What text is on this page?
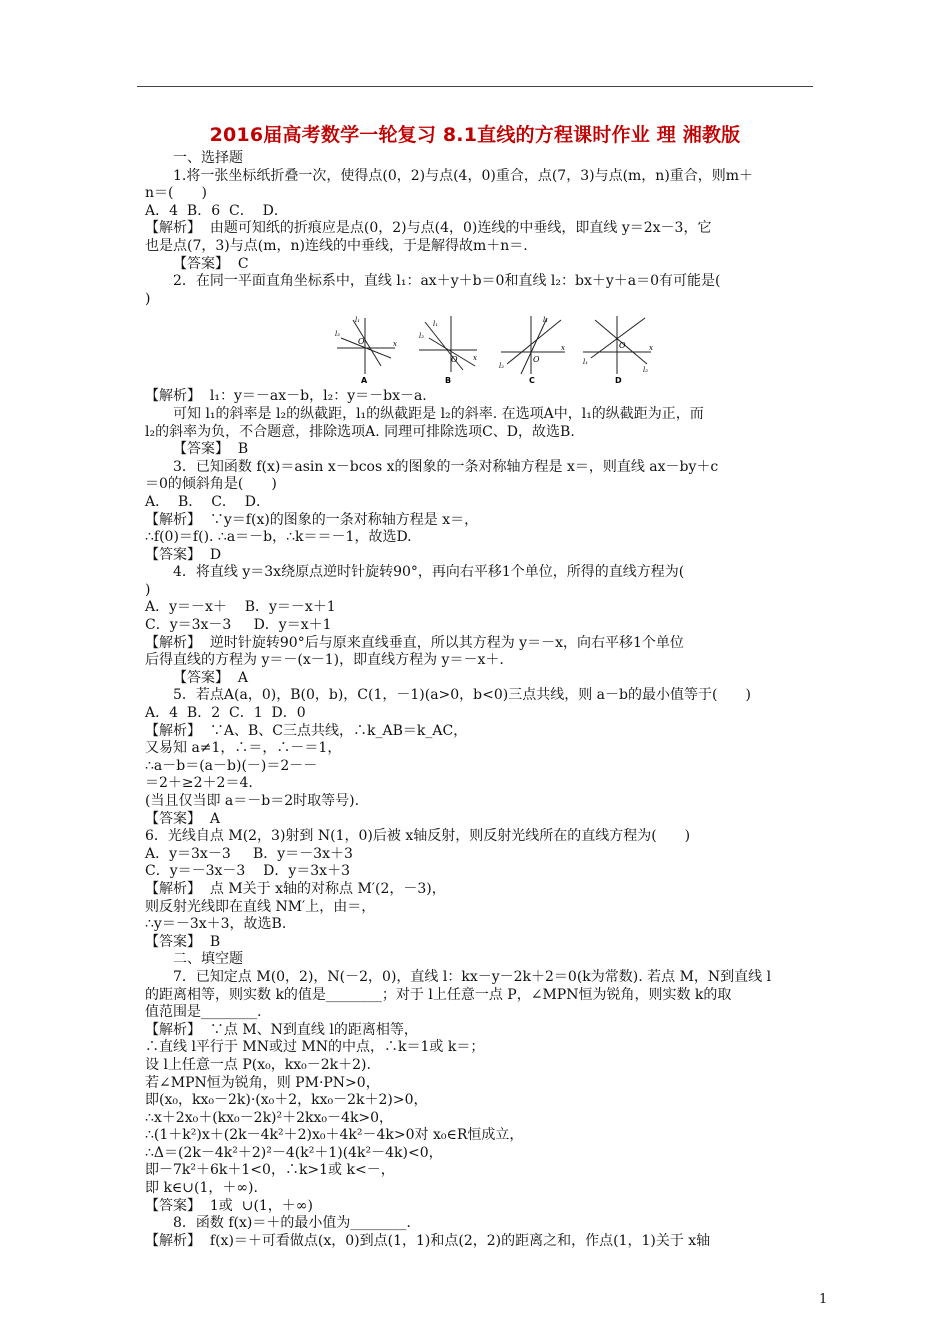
2016届高考数学一轮复习 8.1直线的方程课时作业 理 湘教版

一、选择题

1.将一张坐标纸折叠一次，使得点(0，2)与点(4，0)重合，点(7，3)与点(m，n)重合，则m＋

n＝(　　)

A．4  B．6  C．  D．

【解析】  由题可知纸的折痕应是点(0，2)与点(4，0)连线的中垂线，即直线 y＝2x－3，它

也是点(7，3)与点(m，n)连线的中垂线，于是解得故m＋n＝.

【答案】  C

2．在同一平面直角坐标系中，直线 l₁：ax＋y＋b＝0和直线 l₂：bx＋y＋a＝0有可能是(

)

l₁
l₂
O	x
A
l₁
l₂
O x
B
l₁
l₂
O
x
C
l₁
l₂
O	x
D

【解析】  l₁：y＝－ax－b，l₂：y＝－bx－a.

可知 l₁的斜率是 l₂的纵截距，l₁的纵截距是 l₂的斜率. 在选项A中，l₁的纵截距为正，而

l₂的斜率为负，不合题意，排除选项A. 同理可排除选项C、D，故选B.

【答案】  B

3．已知函数 f(x)＝asin x－bcos x的图象的一条对称轴方程是 x＝，则直线 ax－by＋c

＝0的倾斜角是(　　)

A．  B．  C．  D．

【解析】  ∵y＝f(x)的图象的一条对称轴方程是 x＝，

∴f(0)＝f(). ∴a＝－b，∴k＝＝－1，故选D.

【答案】  D

4．将直线 y＝3x绕原点逆时针旋转90°，再向右平移1个单位，所得的直线方程为(

)

A．y＝－x＋    B．y＝－x＋1

C．y＝3x－3     D．y＝x＋1

【解析】  逆时针旋转90°后与原来直线垂直，所以其方程为 y＝－x，向右平移1个单位

后得直线的方程为 y＝－(x－1)，即直线方程为 y＝－x＋.

【答案】  A

5．若点A(a，0)，B(0，b)，C(1，－1)(a>0，b<0)三点共线，则 a－b的最小值等于(　　)

A．4  B．2  C．1  D．0

【解析】  ∵A、B、C三点共线，∴k_AB＝k_AC，

又易知 a≠1，∴＝，∴－＝1，

∴a－b＝(a－b)(－)＝2－－

＝2＋≥2＋2＝4.

(当且仅当即 a＝－b＝2时取等号).

【答案】  A

6．光线自点 M(2，3)射到 N(1，0)后被 x轴反射，则反射光线所在的直线方程为(　　)

A．y＝3x－3     B．y＝－3x＋3

C．y＝－3x－3    D．y＝3x＋3

【解析】  点 M关于 x轴的对称点 M′(2，－3)，

则反射光线即在直线 NM′上，由＝，

∴y＝－3x＋3，故选B.

【答案】  B

二、填空题

7．已知定点 M(0，2)，N(－2，0)，直线 l：kx－y－2k＋2＝0(k为常数). 若点 M，N到直线 l

的距离相等，则实数 k的值是________；对于 l上任意一点 P，∠MPN恒为锐角，则实数 k的取

值范围是________.

【解析】  ∵点 M、N到直线 l的距离相等，

∴直线 l平行于 MN或过 MN的中点，∴k＝1或 k＝；

设 l上任意一点 P(x₀，kx₀－2k＋2).

若∠MPN恒为锐角，则 PM·PN>0，

即(x₀，kx₀－2k)·(x₀＋2，kx₀－2k＋2)>0，

∴x＋2x₀＋(kx₀－2k)²＋2kx₀－4k>0，

∴(1＋k²)x＋(2k－4k²＋2)x₀＋4k²－4k>0对 x₀∈R恒成立，

∴Δ＝(2k－4k²＋2)²－4(k²＋1)(4k²－4k)<0，

即－7k²＋6k＋1<0，∴k>1或 k<－，

即 k∈∪(1，＋∞).

【答案】  1或  ∪(1，＋∞)

8．函数 f(x)＝＋的最小值为________.

【解析】  f(x)＝＋可看做点(x，0)到点(1，1)和点(2，2)的距离之和，作点(1，1)关于 x轴

1
